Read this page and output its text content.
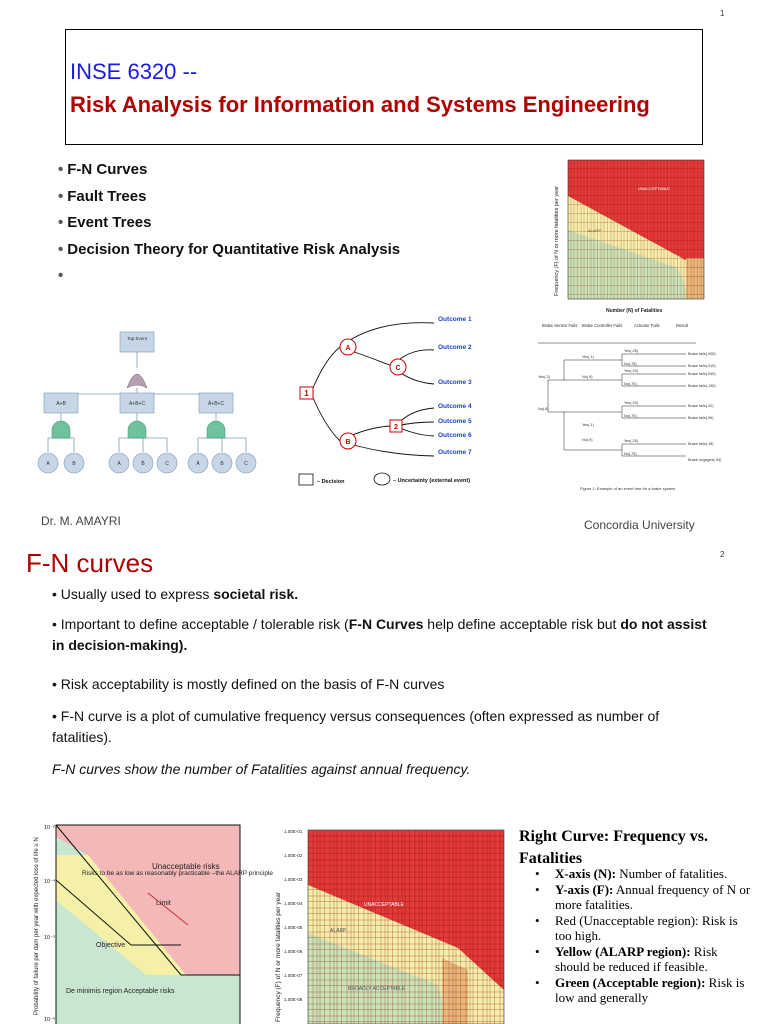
1
INSE 6320 --
Risk Analysis for Information and Systems Engineering
• F-N Curves
• Fault Trees
• Event Trees
• Decision Theory for Quantitative Risk Analysis
•
UNACCEPTABLE
ALARP
Frequency (F) of N or more fatalities per year
Number (N) of Fatalities
Top Event
A+B	A+B+C	Ā+B+C
A	B	A	B̄	C	Ā	B	C
1
A
C
B
2
Outcome 1
Outcome 2
Outcome 3
Outcome 4
Outcome 5
Outcome 6
Outcome 7
– Decision	– Uncertainty (external event)
Brake Sensor Fails Brake Controller Fails	Actuator Fails	Result
Yes(.2)
No(.8)
Yes(.1)
No(.9)
Yes(.25)
No(.75)
Yes(.25)
No(.75)
Yes(.25)
No(.75)
Yes(.1)
No(.9)	Yes(.25)
No(.75)
Brake fails(.005)
Brake fails(.015)
Brake fails(.045)
Brake fails(.135)
Brake fails(.02)
Brake fails(.06)
Brake fails(.18)
Brake engages(.54)
Figure 1: Example of an event tree for a brake system
Dr. M. AMAYRI	Concordia University
2
F-N curves
• Usually used to express societal risk.
• Important to define acceptable / tolerable risk (F-N Curves help define acceptable risk but do not assist in decision-making).
• Risk acceptability is mostly defined on the basis of F-N curves
• F-N curve is a plot of cumulative frequency versus consequences (often expressed as number of fatalities).
F-N curves show the number of Fatalities against annual frequency.
Unacceptable risks
Limit
Objective
Risks to be as low as reasonably practicable –the ALARP principle
De minimis region Acceptable risks
10⁻²
10⁻⁴
10⁻⁵
10⁻⁶
Probability of failure per dam per year with expected loss of life ≥ N	UNACCEPTABLE
ALARP
BROADLY ACCEPTABLE
1.00E-01
1.00E-02
1.00E-03
1.00E-04
1.00E-05
1.00E-06
1.00E-07
1.00E-08
Frequency (F) of N or more fatalities per year
Right Curve: Frequency vs. Fatalities
• X-axis (N): Number of fatalities.
• Y-axis (F): Annual frequency of N or more fatalities.
• Red (Unacceptable region): Risk is too high.
• Yellow (ALARP region): Risk should be reduced if feasible.
• Green (Acceptable region): Risk is low and generally
